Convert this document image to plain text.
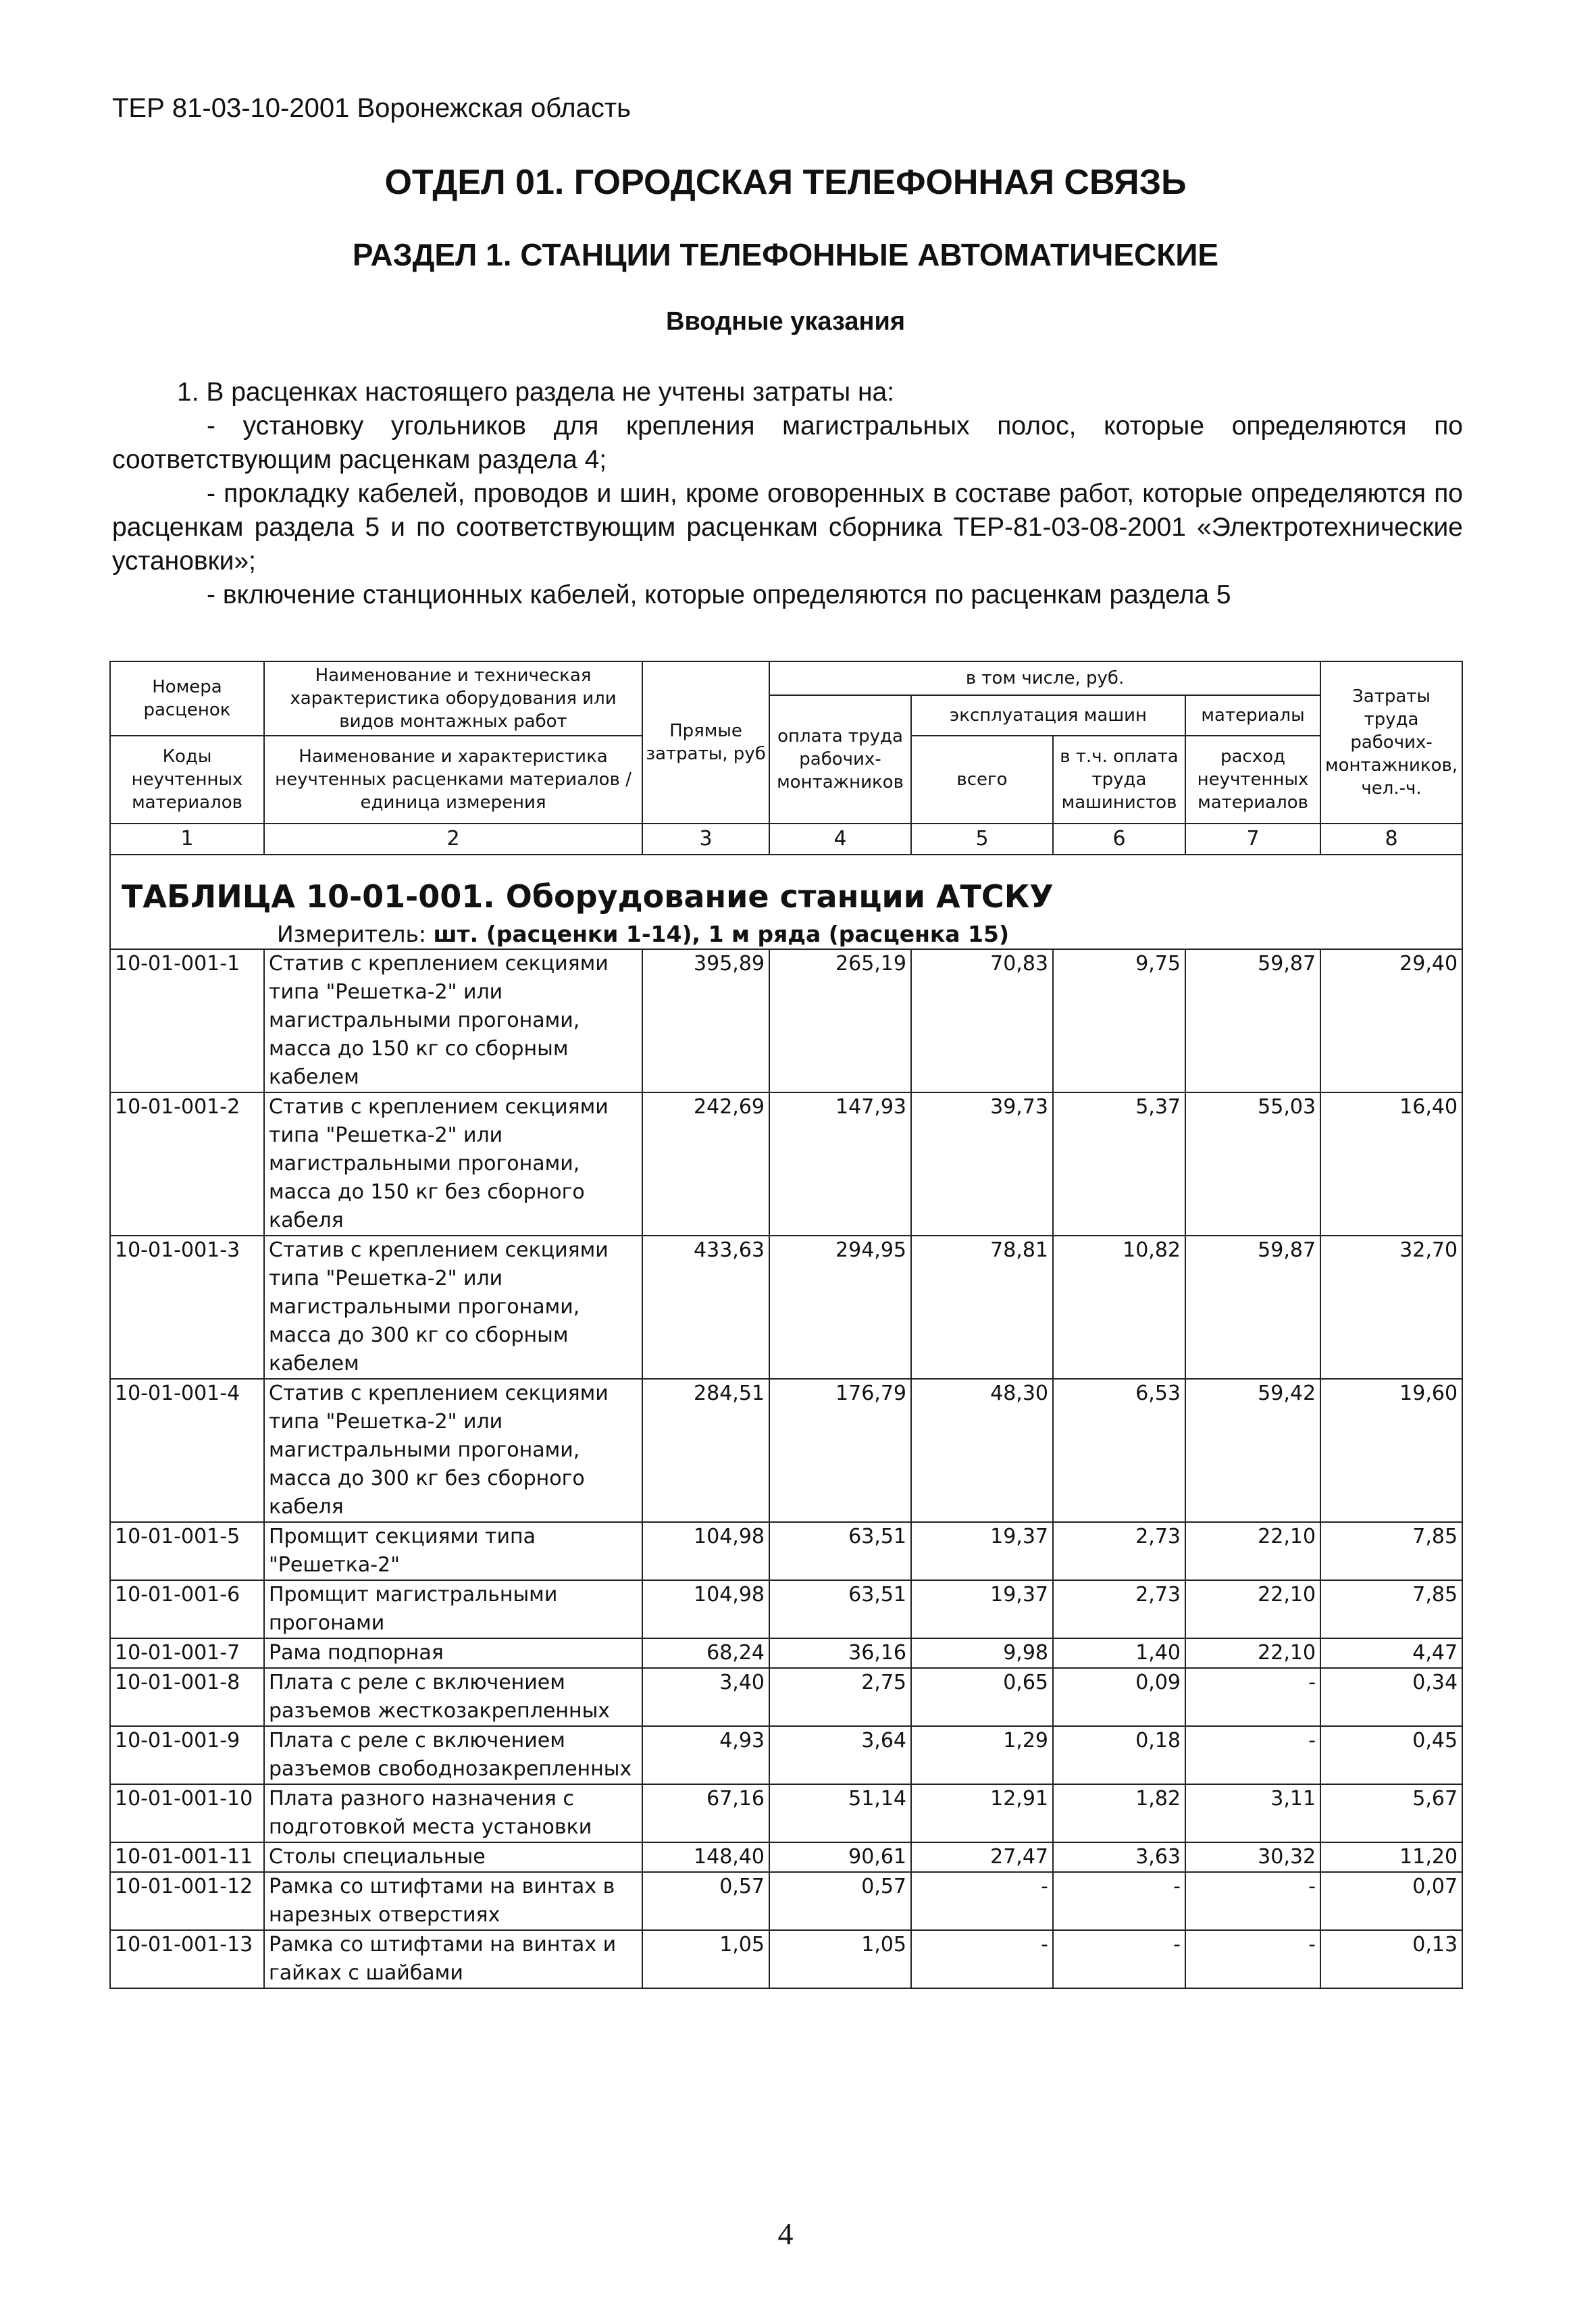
ТЕР 81-03-10-2001 Воронежская область
ОТДЕЛ 01. ГОРОДСКАЯ ТЕЛЕФОННАЯ СВЯЗЬ
РАЗДЕЛ 1. СТАНЦИИ ТЕЛЕФОННЫЕ АВТОМАТИЧЕСКИЕ
Вводные указания

1. В расценках настоящего раздела не учтены затраты на:

- установку угольников для крепления магистральных полос, которые определяются по соответствующим расценкам раздела 4;

- прокладку кабелей, проводов и шин, кроме оговоренных в составе работ, которые определяются по расценкам раздела 5 и по соответствующим расценкам сборника ТЕР-81-03-08-2001 «Электротехнические установки»;

- включение станционных кабелей, которые определяются по расценкам раздела 5

Номера расценок	Наименование и техническая характеристика оборудования или видов монтажных работ	Прямые затраты, руб	в том числе, руб.				Затраты труда рабочих-монтажников, чел.-ч.
			оплата труда рабочих-монтажников	эксплуатация машин		материалы	

Коды неучтенных материалов	Наименование и характеристика неучтенных расценками материалов / единица измерения			всего	в т.ч. оплата труда машинистов	расход неучтенных материалов	

1	2	3	4	5	6	7	8

ТАБЛИЦА 10-01-001. Оборудование станции АТСКУ							

Измеритель: шт. (расценки 1-14), 1 м ряда (расценка 15)							

10-01-001-1	Статив с креплением секциями типа "Решетка-2" или магистральными прогонами, масса до 150 кг со сборным кабелем	395,89	265,19	70,83	9,75	59,87	29,40
10-01-001-2	Статив с креплением секциями типа "Решетка-2" или магистральными прогонами, масса до 150 кг без сборного кабеля	242,69	147,93	39,73	5,37	55,03	16,40
10-01-001-3	Статив с креплением секциями типа "Решетка-2" или магистральными прогонами, масса до 300 кг со сборным кабелем	433,63	294,95	78,81	10,82	59,87	32,70
10-01-001-4	Статив с креплением секциями типа "Решетка-2" или магистральными прогонами, масса до 300 кг без сборного кабеля	284,51	176,79	48,30	6,53	59,42	19,60
10-01-001-5	Промщит секциями типа "Решетка-2"	104,98	63,51	19,37	2,73	22,10	7,85
10-01-001-6	Промщит магистральными прогонами	104,98	63,51	19,37	2,73	22,10	7,85
10-01-001-7	Рама подпорная	68,24	36,16	9,98	1,40	22,10	4,47
10-01-001-8	Плата с реле с включением разъемов жесткозакрепленных	3,40	2,75	0,65	0,09	-	0,34
10-01-001-9	Плата с реле с включением разъемов свободнозакрепленных	4,93	3,64	1,29	0,18	-	0,45
10-01-001-10	Плата разного назначения с подготовкой места установки	67,16	51,14	12,91	1,82	3,11	5,67
10-01-001-11	Столы специальные	148,40	90,61	27,47	3,63	30,32	11,20
10-01-001-12	Рамка со штифтами на винтах в нарезных отверстиях	0,57	0,57	-	-	-	0,07
10-01-001-13	Рамка со штифтами на винтах и гайках с шайбами	1,05	1,05	-	-	-	0,13
4
